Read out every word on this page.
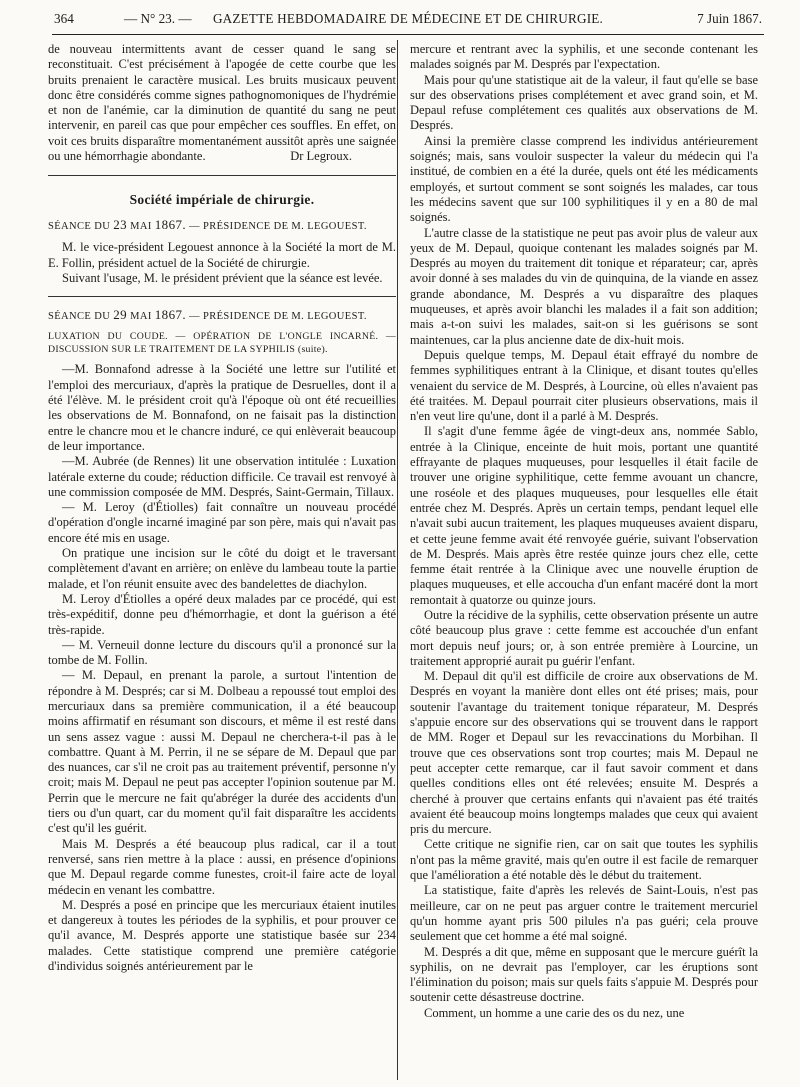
364	— N° 23. —	GAZETTE HEBDOMADAIRE DE MÉDECINE ET DE CHIRURGIE.	7 Juin 1867.

de nouveau intermittents avant de cesser quand le sang se reconstituait. C'est précisément à l'apogée de cette courbe que les bruits prenaient le caractère musical. Les bruits musicaux peuvent donc être considérés comme signes pathognomoniques de l'hydrémie et non de l'anémie, car la diminution de quantité du sang ne peut intervenir, en pareil cas que pour empêcher ces souffles. En effet, on voit ces bruits disparaître momentanément aussitôt après une saignée ou une hémorrhagie abondante.	Dr Legroux.
Société impériale de chirurgie.

SÉANCE DU 23 MAI 1867. — PRÉSIDENCE DE M. LEGOUEST.

M. le vice-président Legouest annonce à la Société la mort de M. E. Follin, président actuel de la Société de chirurgie.

Suivant l'usage, M. le président prévient que la séance est levée.

SÉANCE DU 29 MAI 1867. — PRÉSIDENCE DE M. LEGOUEST.

LUXATION DU COUDE. — OPÉRATION DE L'ONGLE INCARNÉ. — DISCUSSION SUR LE TRAITEMENT DE LA SYPHILIS (suite).

—M. Bonnafond adresse à la Société une lettre sur l'utilité et l'emploi des mercuriaux, d'après la pratique de Desruelles, dont il a été l'élève. M. le président croit qu'à l'époque où ont été recueillies les observations de M. Bonnafond, on ne faisait pas la distinction entre le chancre mou et le chancre induré, ce qui enlèverait beaucoup de leur importance.

—M. Aubrée (de Rennes) lit une observation intitulée : Luxation latérale externe du coude; réduction difficile. Ce travail est renvoyé à une commission composée de MM. Després, Saint-Germain, Tillaux.

— M. Leroy (d'Étiolles) fait connaître un nouveau procédé d'opération d'ongle incarné imaginé par son père, mais qui n'avait pas encore été mis en usage.

On pratique une incision sur le côté du doigt et le traversant complètement d'avant en arrière; on enlève du lambeau toute la partie malade, et l'on réunit ensuite avec des bandelettes de diachylon.

M. Leroy d'Étiolles a opéré deux malades par ce procédé, qui est très-expéditif, donne peu d'hémorrhagie, et dont la guérison a été très-rapide.

— M. Verneuil donne lecture du discours qu'il a prononcé sur la tombe de M. Follin.

— M. Depaul, en prenant la parole, a surtout l'intention de répondre à M. Després; car si M. Dolbeau a repoussé tout emploi des mercuriaux dans sa première communication, il a été beaucoup moins affirmatif en résumant son discours, et même il est resté dans un sens assez vague : aussi M. Depaul ne cherchera-t-il pas à le combattre. Quant à M. Perrin, il ne se sépare de M. Depaul que par des nuances, car s'il ne croit pas au traitement préventif, personne n'y croit; mais M. Depaul ne peut pas accepter l'opinion soutenue par M. Perrin que le mercure ne fait qu'abréger la durée des accidents d'un tiers ou d'un quart, car du moment qu'il fait disparaître les accidents c'est qu'il les guérit.

Mais M. Després a été beaucoup plus radical, car il a tout renversé, sans rien mettre à la place : aussi, en présence d'opinions que M. Depaul regarde comme funestes, croit-il faire acte de loyal médecin en venant les combattre.

M. Després a posé en principe que les mercuriaux étaient inutiles et dangereux à toutes les périodes de la syphilis, et pour prouver ce qu'il avance, M. Després apporte une statistique basée sur 234 malades. Cette statistique comprend une première catégorie d'individus soignés antérieurement par le

mercure et rentrant avec la syphilis, et une seconde contenant les malades soignés par M. Després par l'expectation.

Mais pour qu'une statistique ait de la valeur, il faut qu'elle se base sur des observations prises complétement et avec grand soin, et M. Depaul refuse complétement ces qualités aux observations de M. Després.

Ainsi la première classe comprend les individus antérieurement soignés; mais, sans vouloir suspecter la valeur du médecin qui l'a institué, de combien en a été la durée, quels ont été les médicaments employés, et surtout comment se sont soignés les malades, car tous les médecins savent que sur 100 syphilitiques il y en a 80 de mal soignés.

L'autre classe de la statistique ne peut pas avoir plus de valeur aux yeux de M. Depaul, quoique contenant les malades soignés par M. Després au moyen du traitement dit tonique et réparateur; car, après avoir donné à ses malades du vin de quinquina, de la viande en assez grande abondance, M. Després a vu disparaître des plaques muqueuses, et après avoir blanchi les malades il a fait son addition; mais a-t-on suivi les malades, sait-on si les guérisons se sont maintenues, car la plus ancienne date de dix-huit mois.

Depuis quelque temps, M. Depaul était effrayé du nombre de femmes syphilitiques entrant à la Clinique, et disant toutes qu'elles venaient du service de M. Després, à Lourcine, où elles n'avaient pas été traitées. M. Depaul pourrait citer plusieurs observations, mais il n'en veut lire qu'une, dont il a parlé à M. Després.

Il s'agit d'une femme âgée de vingt-deux ans, nommée Sablo, entrée à la Clinique, enceinte de huit mois, portant une quantité effrayante de plaques muqueuses, pour lesquelles il était facile de trouver une origine syphilitique, cette femme avouant un chancre, une roséole et des plaques muqueuses, pour lesquelles elle était entrée chez M. Després. Après un certain temps, pendant lequel elle n'avait subi aucun traitement, les plaques muqueuses avaient disparu, et cette jeune femme avait été renvoyée guérie, suivant l'observation de M. Després. Mais après être restée quinze jours chez elle, cette femme était rentrée à la Clinique avec une nouvelle éruption de plaques muqueuses, et elle accoucha d'un enfant macéré dont la mort remontait à quatorze ou quinze jours.

Outre la récidive de la syphilis, cette observation présente un autre côté beaucoup plus grave : cette femme est accouchée d'un enfant mort depuis neuf jours; or, à son entrée première à Lourcine, un traitement approprié aurait pu guérir l'enfant.

M. Depaul dit qu'il est difficile de croire aux observations de M. Després en voyant la manière dont elles ont été prises; mais, pour soutenir l'avantage du traitement tonique réparateur, M. Després s'appuie encore sur des observations qui se trouvent dans le rapport de MM. Roger et Depaul sur les revaccinations du Morbihan. Il trouve que ces observations sont trop courtes; mais M. Depaul ne peut accepter cette remarque, car il faut savoir comment et dans quelles conditions elles ont été relevées; ensuite M. Després a cherché à prouver que certains enfants qui n'avaient pas été traités avaient été beaucoup moins longtemps malades que ceux qui avaient pris du mercure.

Cette critique ne signifie rien, car on sait que toutes les syphilis n'ont pas la même gravité, mais qu'en outre il est facile de remarquer que l'amélioration a été notable dès le début du traitement.

La statistique, faite d'après les relevés de Saint-Louis, n'est pas meilleure, car on ne peut pas arguer contre le traitement mercuriel qu'un homme ayant pris 500 pilules n'a pas guéri; cela prouve seulement que cet homme a été mal soigné.

M. Després a dit que, même en supposant que le mercure guérît la syphilis, on ne devrait pas l'employer, car les éruptions sont l'élimination du poison; mais sur quels faits s'appuie M. Després pour soutenir cette désastreuse doctrine.

Comment, un homme a une carie des os du nez, une
